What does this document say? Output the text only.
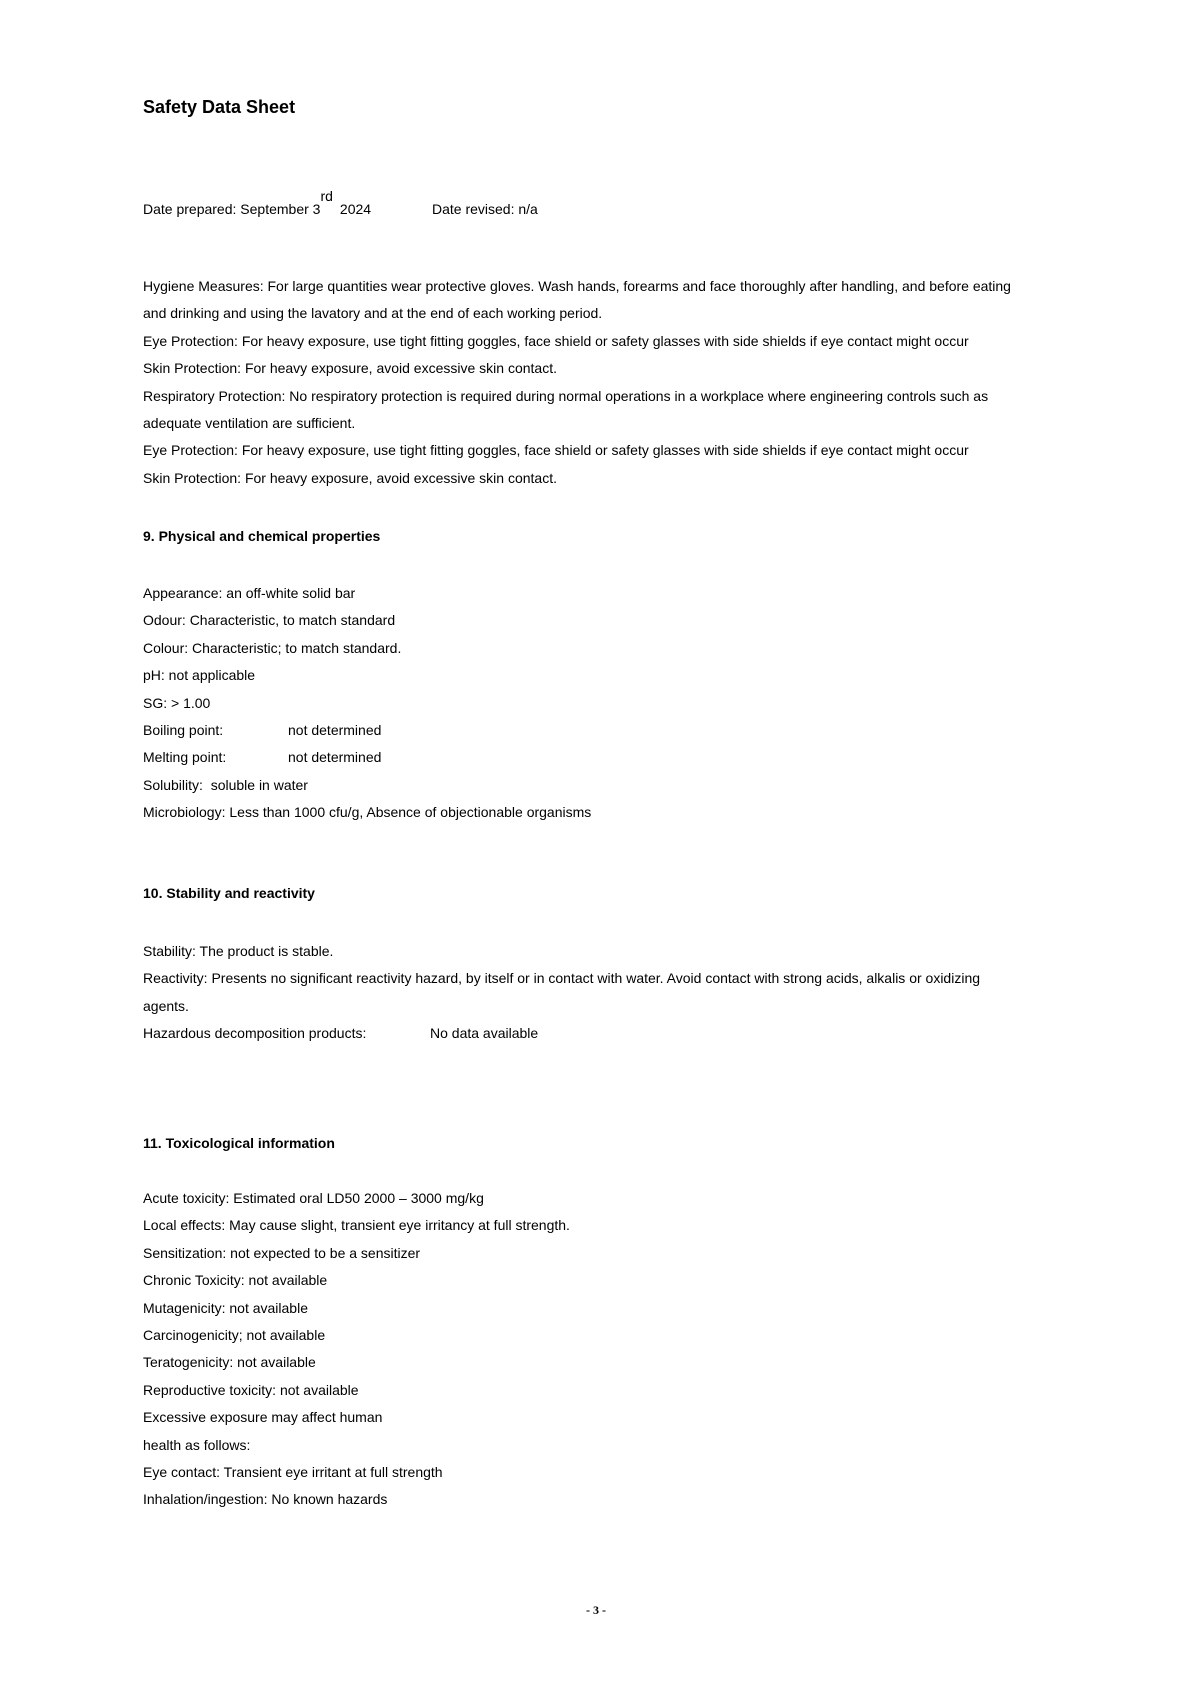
Safety Data Sheet
Date prepared: September 3rd2024	Date revised: n/a
Hygiene Measures: For large quantities wear protective gloves. Wash hands, forearms and face thoroughly after handling, and before eating
and drinking and using the lavatory and at the end of each working period.
Eye Protection: For heavy exposure, use tight fitting goggles, face shield or safety glasses with side shields if eye contact might occur
Skin Protection: For heavy exposure, avoid excessive skin contact.
Respiratory Protection: No respiratory protection is required during normal operations in a workplace where engineering controls such as
adequate ventilation are sufficient.
Eye Protection: For heavy exposure, use tight fitting goggles, face shield or safety glasses with side shields if eye contact might occur
Skin Protection: For heavy exposure, avoid excessive skin contact.
9. Physical and chemical properties
Appearance: an off-white solid bar
Odour: Characteristic, to match standard
Colour: Characteristic; to match standard.
pH: not applicable
SG: > 1.00
Boiling point:	not determined
Melting point:	not determined
Solubility:  soluble in water
Microbiology: Less than 1000 cfu/g, Absence of objectionable organisms
10. Stability and reactivity
Stability: The product is stable.
Reactivity: Presents no significant reactivity hazard, by itself or in contact with water. Avoid contact with strong acids, alkalis or oxidizing
agents.
Hazardous decomposition products:	No data available
11. Toxicological information
Acute toxicity: Estimated oral LD50 2000 – 3000 mg/kg
Local effects: May cause slight, transient eye irritancy at full strength.
Sensitization: not expected to be a sensitizer
Chronic Toxicity: not available
Mutagenicity: not available
Carcinogenicity; not available
Teratogenicity: not available
Reproductive toxicity: not available
Excessive exposure may affect human
health as follows:
Eye contact: Transient eye irritant at full strength
Inhalation/ingestion: No known hazards
- 3 -
